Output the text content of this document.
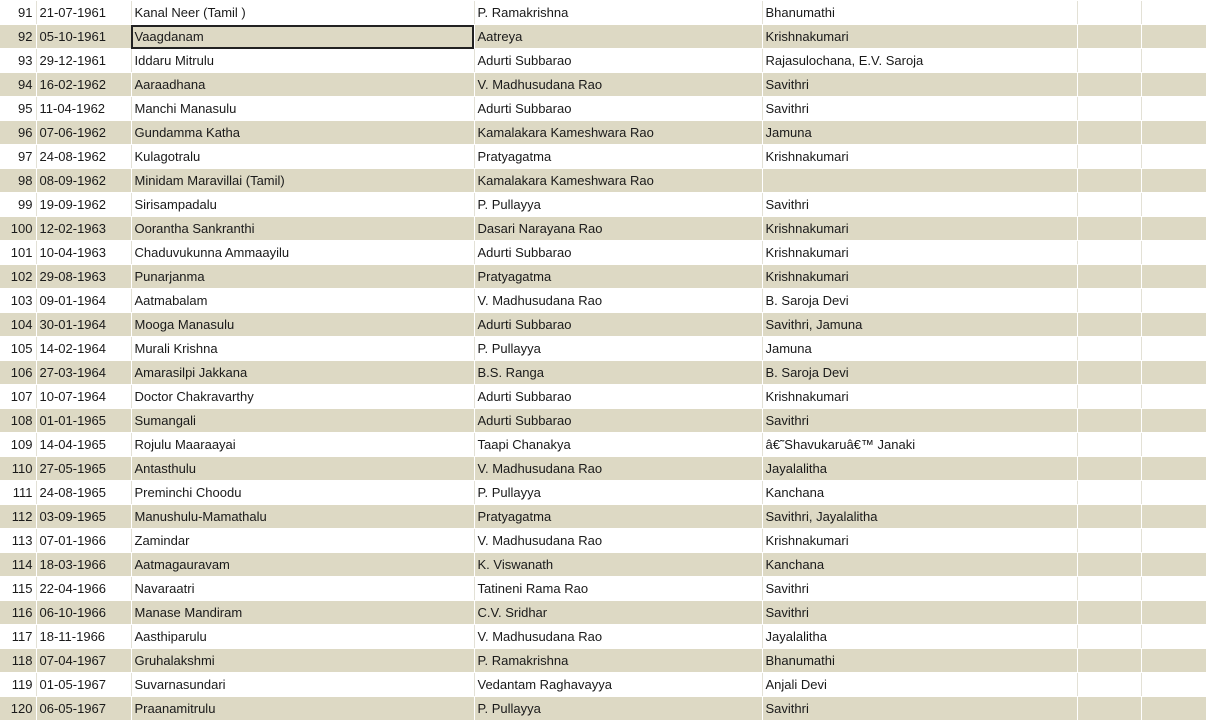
91	21-07-1961	Kanal Neer (Tamil )	P. Ramakrishna	Bhanumathi		
92	05-10-1961	Vaagdanam	Aatreya	Krishnakumari		
93	29-12-1961	Iddaru Mitrulu	Adurti Subbarao	Rajasulochana, E.V. Saroja		
94	16-02-1962	Aaraadhana	V. Madhusudana Rao	Savithri		
95	11-04-1962	Manchi Manasulu	Adurti Subbarao	Savithri		
96	07-06-1962	Gundamma Katha	Kamalakara Kameshwara Rao	Jamuna		
97	24-08-1962	Kulagotralu	Pratyagatma	Krishnakumari		
98	08-09-1962	Minidam Maravillai (Tamil)	Kamalakara Kameshwara Rao			
99	19-09-1962	Sirisampadalu	P. Pullayya	Savithri		
100	12-02-1963	Oorantha Sankranthi	Dasari Narayana Rao	Krishnakumari		
101	10-04-1963	Chaduvukunna Ammaayilu	Adurti Subbarao	Krishnakumari		
102	29-08-1963	Punarjanma	Pratyagatma	Krishnakumari		
103	09-01-1964	Aatmabalam	V. Madhusudana Rao	B. Saroja Devi		
104	30-01-1964	Mooga Manasulu	Adurti Subbarao	Savithri, Jamuna		
105	14-02-1964	Murali Krishna	P. Pullayya	Jamuna		
106	27-03-1964	Amarasilpi Jakkana	B.S. Ranga	B. Saroja Devi		
107	10-07-1964	Doctor Chakravarthy	Adurti Subbarao	Krishnakumari		
108	01-01-1965	Sumangali	Adurti Subbarao	Savithri		
109	14-04-1965	Rojulu Maaraayai	Taapi Chanakya	â€˜Shavukaruâ€™ Janaki		
110	27-05-1965	Antasthulu	V. Madhusudana Rao	Jayalalitha		
111	24-08-1965	Preminchi Choodu	P. Pullayya	Kanchana		
112	03-09-1965	Manushulu-Mamathalu	Pratyagatma	Savithri, Jayalalitha		
113	07-01-1966	Zamindar	V. Madhusudana Rao	Krishnakumari		
114	18-03-1966	Aatmagauravam	K. Viswanath	Kanchana		
115	22-04-1966	Navaraatri	Tatineni Rama Rao	Savithri		
116	06-10-1966	Manase Mandiram	C.V. Sridhar	Savithri		
117	18-11-1966	Aasthiparulu	V. Madhusudana Rao	Jayalalitha		
118	07-04-1967	Gruhalakshmi	P. Ramakrishna	Bhanumathi		
119	01-05-1967	Suvarnasundari	Vedantam Raghavayya	Anjali Devi		
120	06-05-1967	Praanamitrulu	P. Pullayya	Savithri		
